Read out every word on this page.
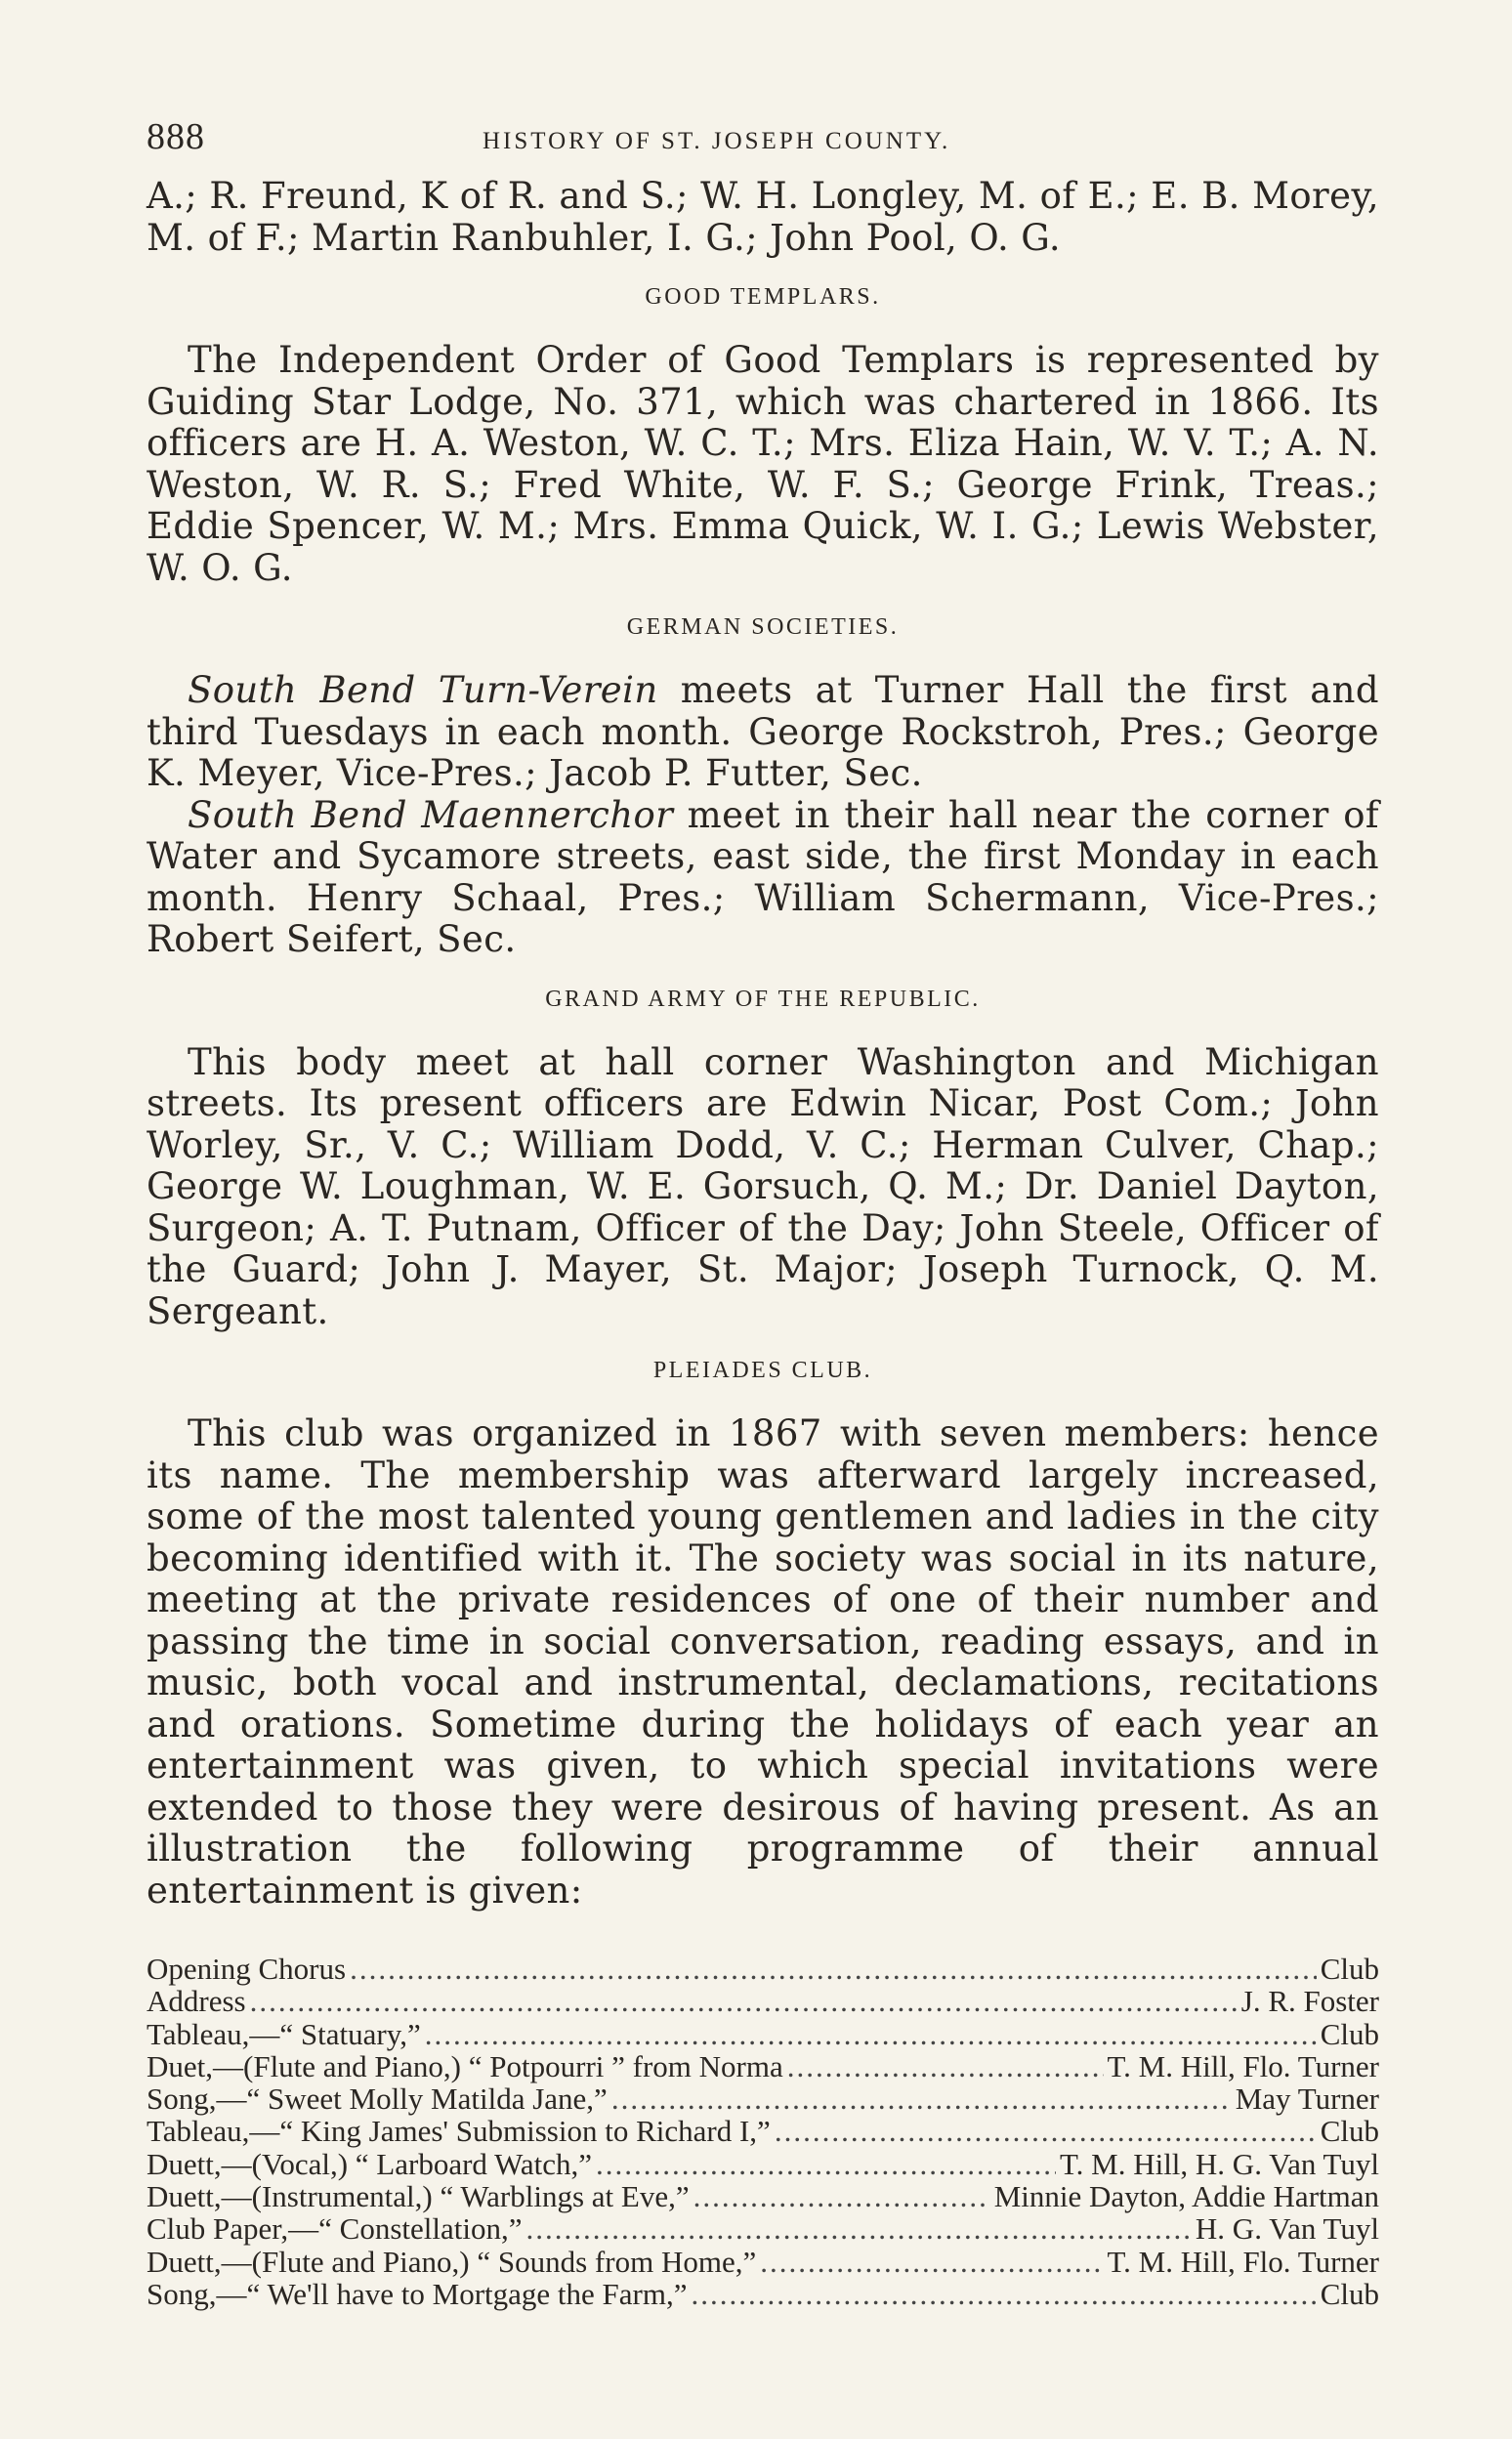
888	HISTORY OF ST. JOSEPH COUNTY.

A.; R. Freund, K of R. and S.; W. H. Longley, M. of E.; E. B. Morey, M. of F.; Martin Ranbuhler, I. G.; John Pool, O. G.

GOOD TEMPLARS.

The Independent Order of Good Templars is represented by Guiding Star Lodge, No. 371, which was chartered in 1866. Its officers are H. A. Weston, W. C. T.; Mrs. Eliza Hain, W. V. T.; A. N. Weston, W. R. S.; Fred White, W. F. S.; George Frink, Treas.; Eddie Spencer, W. M.; Mrs. Emma Quick, W. I. G.; Lewis Webster, W. O. G.

GERMAN SOCIETIES.

South Bend Turn-Verein meets at Turner Hall the first and third Tuesdays in each month. George Rockstroh, Pres.; George K. Meyer, Vice-Pres.; Jacob P. Futter, Sec.

South Bend Maennerchor meet in their hall near the corner of Water and Sycamore streets, east side, the first Monday in each month. Henry Schaal, Pres.; William Schermann, Vice-Pres.; Robert Seifert, Sec.

GRAND ARMY OF THE REPUBLIC.

This body meet at hall corner Washington and Michigan streets. Its present officers are Edwin Nicar, Post Com.; John Worley, Sr., V. C.; William Dodd, V. C.; Herman Culver, Chap.; George W. Loughman, W. E. Gorsuch, Q. M.; Dr. Daniel Dayton, Surgeon; A. T. Putnam, Officer of the Day; John Steele, Officer of the Guard; John J. Mayer, St. Major; Joseph Turnock, Q. M. Sergeant.

PLEIADES CLUB.

This club was organized in 1867 with seven members: hence its name. The membership was afterward largely increased, some of the most talented young gentlemen and ladies in the city becoming identified with it. The society was social in its nature, meeting at the private residences of one of their number and passing the time in social conversation, reading essays, and in music, both vocal and instrumental, declamations, recitations and orations. Sometime during the holidays of each year an entertainment was given, to which special invitations were extended to those they were desirous of having present. As an illustration the following programme of their annual entertainment is given:

Opening Chorus .....	Club
Address .....	J. R. Foster
Tableau,—“ Statuary,” .....	Club
Duet,—(Flute and Piano,) “ Potpourri ” from Norma .....	T. M. Hill, Flo. Turner
Song,—“ Sweet Molly Matilda Jane,” .....	May Turner
Tableau,—“ King James' Submission to Richard I,” .....	Club
Duett,—(Vocal,) “ Larboard Watch,” .....	T. M. Hill, H. G. Van Tuyl
Duett,—(Instrumental,) “ Warblings at Eve,” .....	Minnie Dayton, Addie Hartman
Club Paper,—“ Constellation,” .....	H. G. Van Tuyl
Duett,—(Flute and Piano,) “ Sounds from Home,” .....	T. M. Hill, Flo. Turner
Song,—“ We'll have to Mortgage the Farm,” .....	Club
